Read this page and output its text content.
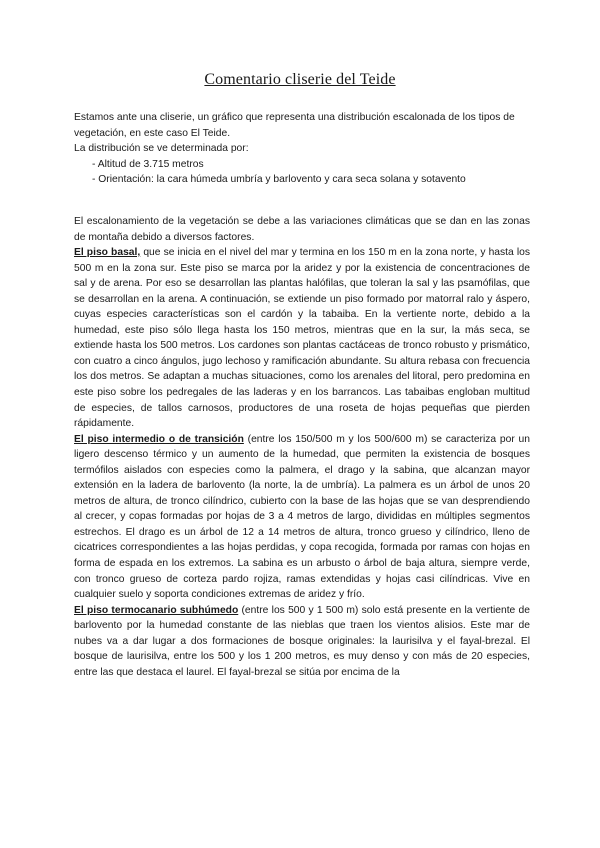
Comentario cliserie del Teide

Estamos ante una cliserie, un gráfico que representa una distribución escalonada de los tipos de vegetación, en este caso El Teide.

La distribución se ve determinada por:

- Altitud de 3.715 metros
- Orientación: la cara húmeda umbría y barlovento y cara seca solana y sotavento

El escalonamiento de la vegetación se debe a las variaciones climáticas que se dan en las zonas de montaña debido a diversos factores.

El piso basal, que se inicia en el nivel del mar y termina en los 150 m en la zona norte, y hasta los 500 m en la zona sur. Este piso se marca por la aridez y por la existencia de concentraciones de sal y de arena. Por eso se desarrollan las plantas halófilas, que toleran la sal y las psamófilas, que se desarrollan en la arena. A continuación, se extiende un piso formado por matorral ralo y áspero, cuyas especies características son el cardón y la tabaiba. En la vertiente norte, debido a la humedad, este piso sólo llega hasta los 150 metros, mientras que en la sur, la más seca, se extiende hasta los 500 metros. Los cardones son plantas cactáceas de tronco robusto y prismático, con cuatro a cinco ángulos, jugo lechoso y ramificación abundante. Su altura rebasa con frecuencia los dos metros. Se adaptan a muchas situaciones, como los arenales del litoral, pero predomina en este piso sobre los pedregales de las laderas y en los barrancos. Las tabaibas engloban multitud de especies, de tallos carnosos, productores de una roseta de hojas pequeñas que pierden rápidamente.

El piso intermedio o de transición (entre los 150/500 m y los 500/600 m) se caracteriza por un ligero descenso térmico y un aumento de la humedad, que permiten la existencia de bosques termófilos aislados con especies como la palmera, el drago y la sabina, que alcanzan mayor extensión en la ladera de barlovento (la norte, la de umbría). La palmera es un árbol de unos 20 metros de altura, de tronco cilíndrico, cubierto con la base de las hojas que se van desprendiendo al crecer, y copas formadas por hojas de 3 a 4 metros de largo, divididas en múltiples segmentos estrechos. El drago es un árbol de 12 a 14 metros de altura, tronco grueso y cilíndrico, lleno de cicatrices correspondientes a las hojas perdidas, y copa recogida, formada por ramas con hojas en forma de espada en los extremos. La sabina es un arbusto o árbol de baja altura, siempre verde, con tronco grueso de corteza pardo rojiza, ramas extendidas y hojas casi cilíndricas. Vive en cualquier suelo y soporta condiciones extremas de aridez y frío.

El piso termocanario subhúmedo (entre los 500 y 1 500 m) solo está presente en la vertiente de barlovento por la humedad constante de las nieblas que traen los vientos alisios. Este mar de nubes va a dar lugar a dos formaciones de bosque originales: la laurisilva y el fayal-brezal. El bosque de laurisilva, entre los 500 y los 1 200 metros, es muy denso y con más de 20 especies, entre las que destaca el laurel. El fayal-brezal se sitúa por encima de la
